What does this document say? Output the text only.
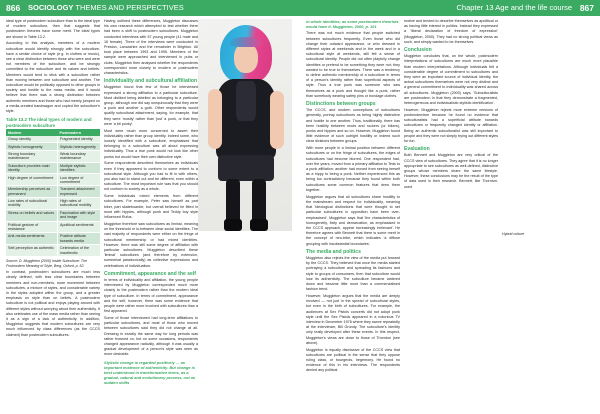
866 SOCIOLOGY THEMES AND PERSPECTIVES

ideal type of postmodern subculture than to the ideal type of modern subculture, then that suggests that postmodern theories have some merit. The ideal types are shown in Table 13.2.

According to this analysis, members of a modern subculture would identify strongly with the subculture, have a similar choice of style (e.g. in clothes or music), see a clear distinction between those who were and were not members of the subculture, and be strongly committed to the subculture and its values and beliefs. Members would tend to stick with a subculture rather than moving between one subculture and another. The subculture would be politically opposed to other groups in society and hostile to the mass media, and it would believe that there was a strong distinction between authentic members and those who had merely jumped on a media-created bandwagon and copied the subculture's style.

Table 13.2 The ideal types of modern and postmodern subculture
Modern	Postmodern
Group identity	Fragmented identity
Stylistic homogeneity	Stylistic heterogeneity
Strong boundary maintenance	Weak boundary maintenance
Subculture provides main identity	Multiple stylistic identities
High degree of commitment	Low degree of commitment
Membership perceived as permanent	Transient attachment expressed
Low rates of subcultural mobility	High rates of subcultural mobility
Stress on beliefs and values	Fascination with style and image
Political gesture of resistance	Apolitical sentiments
Anti-media sentiments	Positive attitude towards media
Self-perception as authentic	Celebration of the inauthentic
Source: D. Muggleton (2000) Inside Subculture: The Postmodern Meaning of Style, Berg, Oxford, p. 52.

In contrast, postmodern subcultures are much less clearly defined, with less clear boundaries between members and non-members, more movement between subcultures, a mixture of styles, and considerable variety in the styles adopted within the group, and a greater emphasis on style than on beliefs. A postmodern subculture is not political and enjoys playing around with different styles without worrying about their authenticity. It also celebrates use of the mass media rather than seeing it as a sign of a lack of authenticity. In addition, Muggleton suggests that modern subcultures are very much influenced by class differences (as the CCCS claimed) than postmodern subcultures.

Having outlined these differences, Muggleton discusses his own research which attempted to test whether there had been a shift to postmodern subcultures. Muggleton conducted interviews with 57 young people (41 male and 16 female). Three of the interviews were conducted in Preston, Lancashire and the remainder in Brighton. All took place between 1993 and 1995. Members of the sample were approached and interviewed in pubs or clubs. Muggleton then analysed whether the respondents corresponded more closely to modern or postmodern characteristics.

Individuality and subcultural affiliation

Muggleton found that few of those he interviewed expressed a strong affiliation to a particular subculture. Most disliked being labelled as belonging to a particular group, although one did say unequivocally that they were a punk and another a goth. Other respondents would qualify subcultural attachment, saying, for example, that they were 'mostly' rather than 'just' a punk, or that they were 'a bit punky'.

Most were much more concerned to assert their individuality rather than group identity. Indeed some, who loosely identified with a subculture, emphasised that belonging to a subculture was all about expressing individuality. Thus a true punk would not look like other punks but would have their own distinctive style.

Some respondents described themselves as individuals even if they appeared to conform to some extent to a subcultural style. Although you had to fit in with others, you also had to stand out and be different, even within a subculture. The most important rule was that you should not conform to society as a whole.

Some individuals mixed elements from different subcultures. For example, Peter saw himself as part biker, part skateboarder, but overall believed he fitted in most with hippies, although punk and Teddy boy style influenced Rufus.

Muggleton therefore saw subcultures as liminal, meaning on the threshold or in-between clear social identities. The vast majority of respondents were either on the fringe of subcultural membership or had mixed identities. However, there was still some degree of affiliation with particular subcultures. Muggleton described these 'liminal' subcultures (and therefore by extension, somewhat paradoxically) as collective expressions and celebrations of individualism.

Commitment, appearance and the self

In terms of individuality and affiliation, the young people interviewed by Muggleton corresponded much more closely to the postmodern rather than the modern ideal type of subculture. In terms of commitment, appearance and the self, however, there was some evidence that people were rather more involved with subcultures than a first appeared.

Some of those interviewed had long-term affiliations to particular subcultures, and most of those who moved between subcultures said they did not change at all. Dressing in exactly the same way for long periods was rather frowned on, but on some occasions, respondents changed appearance radically, although it was usually a gradual development of a person's style was seen as more desirable.

Stylistic change is regarded positively — as important evidence of authenticity. But change is best understood in transformative terms, as a gradual, natural and evolutionary process, not as sudden shifts
Chapter 13 Age and the life course 867
in whole identities, as some postmodern theorists would have it. Muggleton, 2000, p. 101

There was not much evidence that people switched between subcultures frequently. Even those who did change their outward appearance, or who dressed in different styles at weekends and in the week and in a subcultural style at weekends, still felt a sense of subcultural identity. People did not often playfully change identities or pretend to be something they were not; they wanted to be true to themselves. There was a tendency to define authentic membership of a subculture in terms of a person's identity rather than superficial aspects of style. Thus a true punk was someone who saw themselves as a punk and thought like a punk, rather than somebody wearing safety pins or bondage clothes.

Distinctions between groups

The CCCS, and modern conceptions of subcultures generally, portray subcultures as being highly distinctive and hostile to one another. Thus, traditionally, there has been hostility between mods and rockers (or bikers), punks and hippies and so on. However, Muggleton found little evidence of such outright hostility or indeed such clear divisions between groups.

With more people in a liminal position between different subcultures or on the fringe of subcultures, the edges of subcultures had become blurred. One respondent had, over the years, moved from a primary affiliation to Teds to a punk affiliation; another had moved from seeing herself as a hippy to being a punk. Neither experienced this as being too contradictory because they found within both subcultures some common features that drew them together.

Muggleton argues that all subcultures share hostility to the mainstream and respect for individuality, meaning that 'ideological distinctions that were thought to set particular subcultures in opposition have been over-emphasised'. Muggleton says that 'the characteristics of homogeneity, fixity and demarcation, as emphasised in the CCCS approach, appear increasingly irrelevant'. He therefore agrees with Bennett that there is some merit in the concept of neo-tribe, which indicates 'a diffuse grouping with insubstantial boundaries'.

The media and politics

Muggleton also rejects the view of the media put forward by the CCCS. They believed that once the media started portraying a subculture and spreading its fashions and style to groups of consumers, then that subculture would lose its authenticity. The subculture became watered down and became little more than a commercialised fashion trend.

However, Muggleton argues that the media are deeply involved — not just in the spread of subcultural styles, but even in the birth of subcultures. For example, the audiences at Sex Pistols concerts did not adopt punk style until the Sex Pistols appeared in a notorious TV interview in December 1976 where they swore repeatedly at the interviewer, Bill Grundy. The subculture's identity only really developed after these events. In this respect, Muggleton's views are close to those of Thornton (see above).

Muggleton is equally dismissive of the CCCS view that subcultures are political in the sense that they oppose ruling class, or bourgeois, hegemony. He found no evidence of this in his interviews. The respondents denied any political

motive and tended to describe themselves as apolitical or as having little interest in politics. Instead they expressed a 'liberal declaration of freedom of expression' (Muggleton, 2000). They had no strong political views as such, and simply wanted to be themselves.

Conclusion

Muggleton concludes that, on the whole, postmodern interpretations of subcultures are much more plausible than modern interpretations. Although individuals felt a considerable degree of commitment to subcultures and they were an important source of individual identity, the actual subcultures themselves were not very distinct and a general commitment to individuality was shared across all subcultures. Muggleton (2000) says, 'Subculturalists are postmodern in that they demonstrate a fragmented, heterogeneous and individualistic stylistic identification'.

However, Muggleton rejects more extreme versions of postmodernism because he found no evidence that subculturalists had a superficial attitude towards subcultures or frequently changed identity or affiliation. Being an authentic subculturalist was still important to people and they were not simply trying out different styles for fun.

Evaluation

Both Bennett and Muggleton are very critical of the CCCS view of subcultures. They agree that it is no longer appropriate to see subcultures as well-defined, distinctive groups whose members share the same lifestyle. However, these conclusions may be the result of the type of data used in their research. Bennett, like Thornton, used

Hybrid culture
